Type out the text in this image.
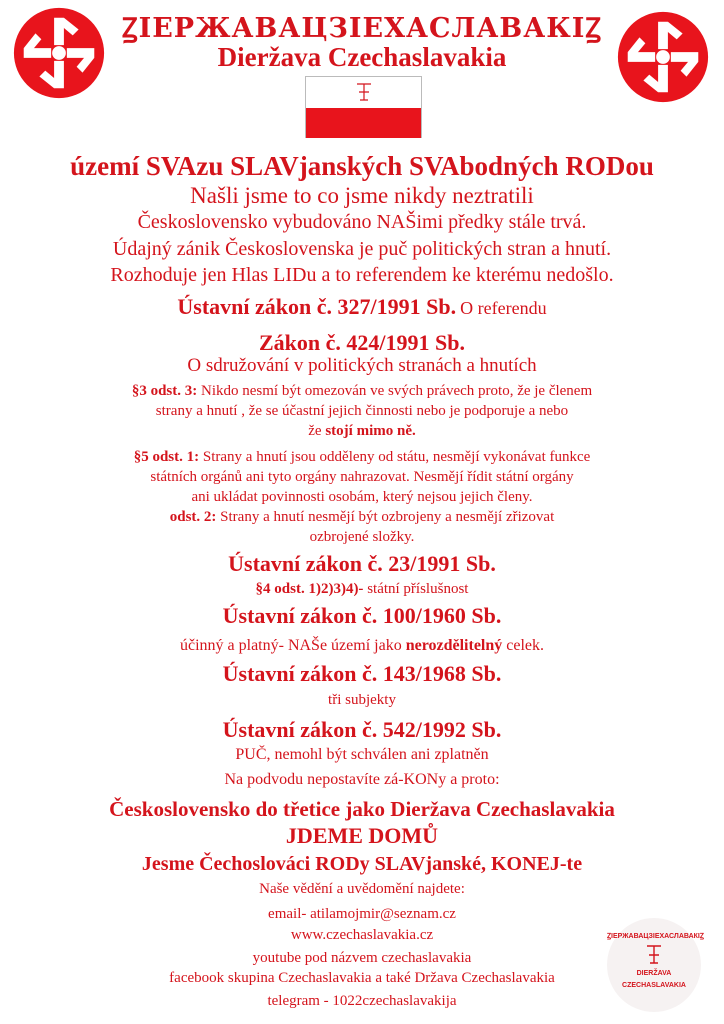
ꙀІЕРЖАВАЦЗІЕХАСЛАВАКІꙀ
Dieržava Czechaslavakia
území SVAzu SLAVjanských SVAbodných RODou
Našli jsme to co jsme nikdy neztratili
Československo vybudováno NAŠimi předky stále trvá.
Údajný zánik Československa je puč politických stran a hnutí.
Rozhoduje jen Hlas LIDu a to referendem ke kterému nedošlo.
Ústavní zákon č. 327/1991 Sb. O referendu
Zákon č. 424/1991 Sb.
O sdružování v politických stranách a hnutích
§3 odst. 3: Nikdo nesmí být omezován ve svých právech proto, že je členem
strany a hnutí , že se účastní jejich činnosti nebo je podporuje a nebo
že stojí mimo ně.
§5 odst. 1: Strany a hnutí jsou odděleny od státu, nesmějí vykonávat funkce
státních orgánů ani tyto orgány nahrazovat. Nesmějí řídit státní orgány
ani ukládat povinnosti osobám, který nejsou jejich členy.
odst. 2: Strany a hnutí nesmějí být ozbrojeny a nesmějí zřizovat
ozbrojené složky.
Ústavní zákon č. 23/1991 Sb.
§4 odst. 1)2)3)4)- státní příslušnost
Ústavní zákon č. 100/1960 Sb.
účinný a platný- NAŠe území jako nerozdělitelný celek.
Ústavní zákon č. 143/1968 Sb.
tři subjekty
Ústavní zákon č. 542/1992 Sb.
PUČ, nemohl být schválen ani zplatněn
Na podvodu nepostavíte zá-KONy a proto:
Československo do třetice jako Dieržava Czechaslavakia
JDEME DOMŮ
Jesme Čechoslováci RODy SLAVjanské, KONEJ-te
Naše vědění a uvědomění najdete:
email- atilamojmir@seznam.cz
www.czechaslavakia.cz
youtube pod názvem czechaslavakia
facebook skupina Czechaslavakia a také Država Czechaslavakia
telegram - 1022czechaslavakija
ꙀІЕРЖАВАЦЗІЕХАСЛАВАКІꙀ
DIERŽAVA
CZECHASLAVAKIA
